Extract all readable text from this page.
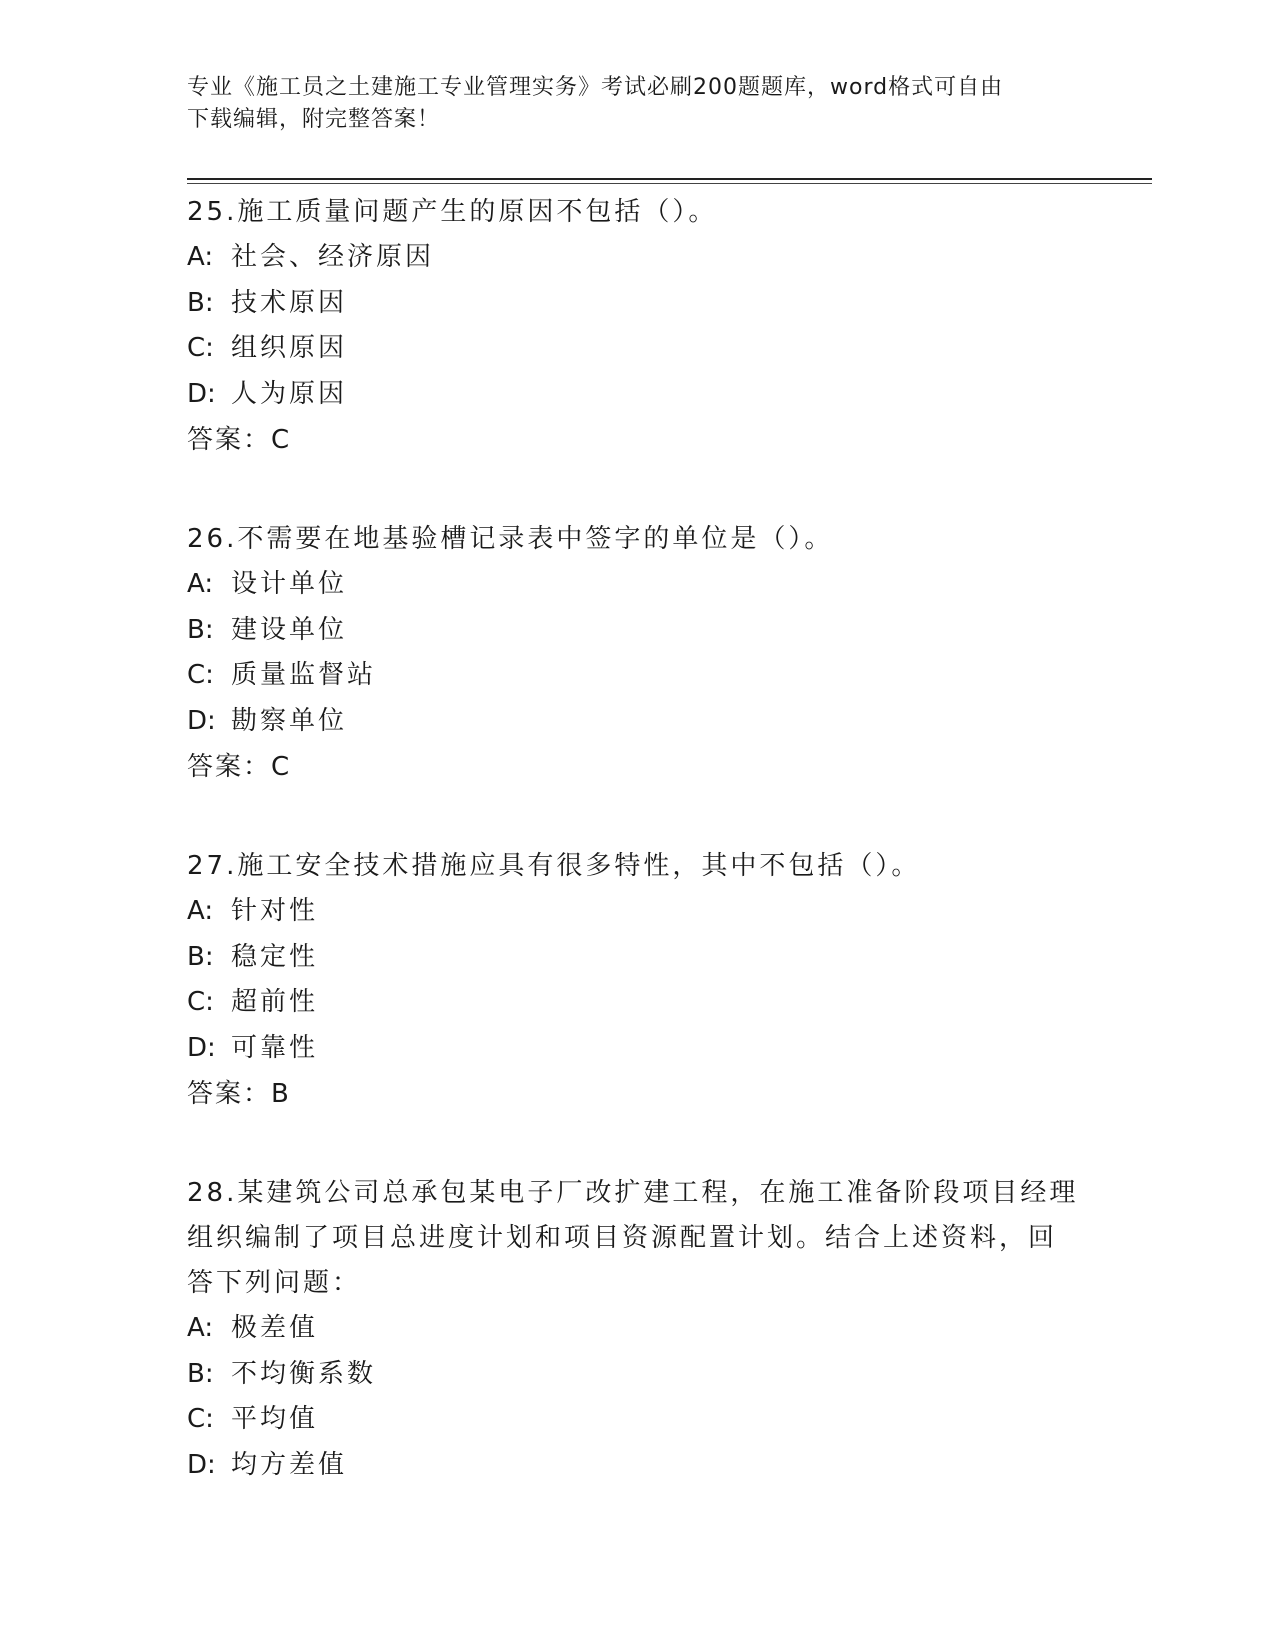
专业《施工员之土建施工专业管理实务》考试必刷200题题库，word格式可自由
下载编辑，附完整答案！
25.施工质量问题产生的原因不包括（）。
A: 社会、经济原因
B: 技术原因
C: 组织原因
D: 人为原因
答案：C
26.不需要在地基验槽记录表中签字的单位是（）。
A: 设计单位
B: 建设单位
C: 质量监督站
D: 勘察单位
答案：C
27.施工安全技术措施应具有很多特性，其中不包括（）。
A: 针对性
B: 稳定性
C: 超前性
D: 可靠性
答案：B
28.某建筑公司总承包某电子厂改扩建工程，在施工准备阶段项目经理
组织编制了项目总进度计划和项目资源配置计划。结合上述资料，回
答下列问题：
A: 极差值
B: 不均衡系数
C: 平均值
D: 均方差值
